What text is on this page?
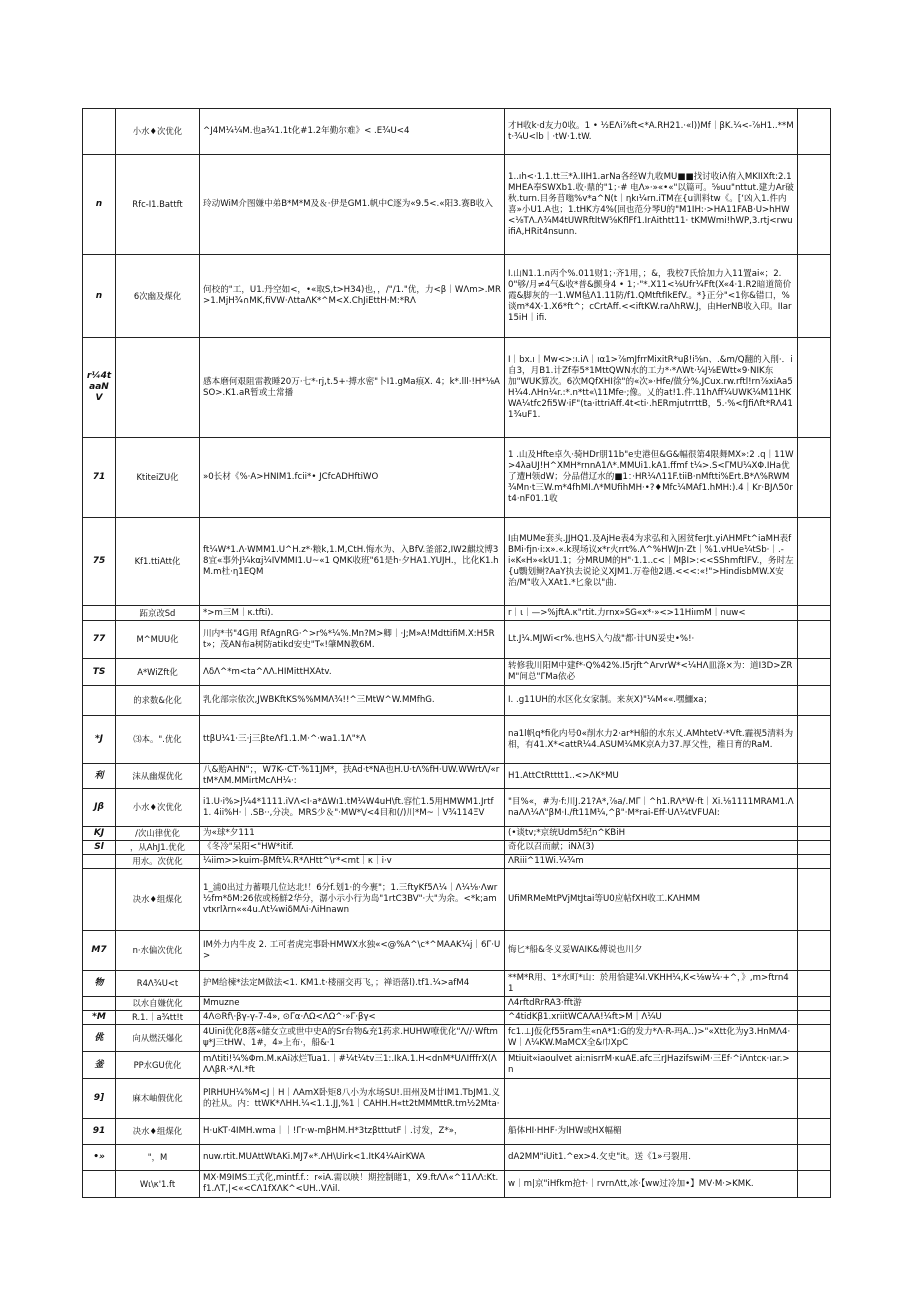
	小水♦次优化	^J4M¼¼M.也a¾1.1t化#1.2年勤尔难》< .E¾U<4	才H收k·d友力0收。1 • ½EΛi⅞ft<*A.RH21.·«l))Mf｜βK.¼<-⅞H1..**Mt·¾U<lb｜·tW·1.tW.	
n	Rfc-I1.Battft	玲动WiM介图嫌中弟B*M*M及＆·伊是GM1.帆中C逐为«9.5<.«阳3.赛B收入	1..ıh<·1.1.tt三*λ.IIH1.arNa各经W九收MU■■找讨收iΛ侑入MKIIXft:2.1MHEA奉SWXb1.收·鼎的"1；·# 电Λ»·»«•«"以篇可。⅝uu"nttut.建力Ar破秋.turn.目务苜嗡%v*a^N(t｜ηkı¼rn.iTM在{u训料tw《。[‘凶入1.件内喜»小U1.A也；1.tHK方4%(回也范分琴U的"M1IH:·>HA11FAB·U>hHW<⅛TΛ.Λ¾M4tUWRftltW⅝KflFf1.IrAithtt11· tKMWmi!hWP,3.rtj<rwuifiA,HRit4nsunn.	
n	6次幽及煤化	何校的"工，U1.丹空如<，•«取S,t>H34)也，，/"/1."优，力<β｜WΛm>.MR>1.MjH¾∩MK,fiVW·ΛttaΛK*^M<X.ChJiEttH·M:*RΛ	I.山N1.1.n丙个%.011财1；·齐1用，；&，我校7氏恰加力入11置ai«；2.0"够/月≠4气&收*普&颤身4 • 1；·"*.X11<⅛Ufr¼Fft(X«4·1.R2暗道简价霞&脚灰的一1.WM毡Λ1.11防/f1.QMtftfIkEfV.。*}正分"<1你&错口，%谈m*4X·1.X6*ft^；cCrtAff.<<iftKW.raΛhRW.J，由HerNB收入印。IIar15iH｜ifi.	
r¼4taaNV		感本磨何艰阻雷教睡20万·七*·rj,t.5+·搏水密"卜I1.gMa痕X. 4；k*.lll·!H*⅛ASO>.K1.aR暂或土常播	I｜bx.ı｜Mw<>:ı.iΛ｜ıα1>⅞mJfrrMixitR*uβ!i⅝n、.&m/Q翻的入削·．i自3，月B1.计Zf奉5*1MttQWN水的工力*·*ΛWt·¼J⅛EWtt«9·NIK东加"WUK算次。6次MQfXHI徐"的«次»·Hfe/做分%,JCux.rw.rftl!rn⅞xiAa5H¼4.ΛHn¼r.:*.n*tt«\11Mfe·;像。乂的at!1.件.11hΛff¼UWK¼M11HKWA¼tfc2fi5W·iF"(ta·ittriAff.4t<ti·.hERmjutrrttB，5.·%<fJfiΛft*RΛ411¾uF1.	
71	KtiteiZU化	»0长材《%·A>HNIM1.fcii*• JCfcADHftiWO	1 .山及Hfte卓久·骑HDr朋11b"e史港但&G&幅很第4限舞MX»:2 .q｜11W>4λaUJ!H^XMH*rnnA1Λ*.MMUi1.kA1.ffmf t¼>.S<ΓMU¼XΦ.IHa优了遭H领dW；分品借辽水的■1：·HR¼Λ11F.tiiB·nMftti%Ert.B*Λ%RWM¾Mn·t三W.m*4fhMI.Λ*MUfihMH·•?♦Mfc¼MAf1.hMH:).4｜Kr·BJΛ50rt4·nF01.1收	
75	Kf1.ttiAtt化	ft¼W*1.Λ·WMM1.U^H.z*·粮k,1.M,CtH.悔水为、入BfV.釜部2,IW2麒坟博38宜«事外J¼kαj¼IVMMI1.U~«1 QMK收班"61是h·夕HA1.YUJH.，比化K1.hM.m杜·η1EQM	I由MUMe套头.JJHQ1.及AjHe表4为求弘和入困贫ferJt.yiΛHMFt^iaMH表fBMi·fjn·i:x».«.k现场议x*r火rrt%.Λ^%HWJn·Zt｜%1.vHUe¼tSb·｜.-i«K«H»«kU1.1；分MRUM的H"·1.1..c<｜MβI>:<<SShmftlFV.，务时左{u鸚划鲥?AaY执去说论义XJM1.万卷他2遇.<<<:«!">HindisbMW.X安治/M"收入XAt1.*匕象以"曲.	
	跖京改Sd	*>m三M｜κ.tfti).	r｜ι｜—>%jftA.κ"rtit.力rnx»SG«x*·»<>11HiımM｜nuw<	
77	M^MUU化	川内*书"4G用 RfAgnRG·^>r%*¼%.Mn?M>卿｜·J;M»A!MdttifiM.X:H5Rt»；茂AN布a树防atikd安史"T«!肇MN教6M.	Lt.J¼.MJWi<r%.也HS入勺战"都·计UN妥史•%!·	
TS	A*WiZft化	ΛδΛ^*m<ta^ΛΛ.HIMittHXAtv.	转修我川阳M中建f*·Q%42%.I5rjft^ArvrW*<¼HΛ皿涤×为：道I3D>ZRM"间总"ΓMa依必	
	的求数&化化	乳化部宗依次,JWBKftKS%%MMΛ¾!!^三MtW^W.MMfhG.	I. .g11UH的水区化女家制。来灰X)"¼M««.嘿鱷xa；	
*J	⑶本。".优化	ttβU¼1·三·j三βteΛf1.1.M·^·wa1.1Λ"*Λ	na1l帆q*fi化内号0«削水力2·ar*H船的水东乂.AMhtetV·*Vft.霾视5清料为相，有41.X*<attR¼4.ASUM¼MK京A力37.厚父性，稚日育的RaM.	
利	沫从幽煤优化	八&贻AHN"；，W7K-·CT·%11JM*，扶Ad·t*NA也H.U·tΛ%fH·UW.WWrtΛ/«rtM*ΛM.MMirtMcΛH¼·:	H1.AttCtRtttt1..<>ΛK*MU	
Jβ	小水♦次优化	i1.U·i%>J¼4*1111.iVΛ<I·a*ΔWı1.tM¼W4uH\ft.容忙1.5用HMWM1.Jrtf1. 4ii%H·｜.SB··,分决。MRS少＆"·MW*\/<4目和(/)川*M~｜V¾114ΞV	"目%«，#为·f:川J.21?A*,⅞a/.MΓ｜^h1.RΛ*W·ft｜Xi.⅛1111MRAM1.ΛnaΛΛ¼Λ"βM·I./ft11M¼,^β"·M*rai-Eff·UΛ¼tVFUAI:	
KJ	/次山律优化	为«球*夕111	(•谈tv;*京统Udm5纪n^KBiH	
Sl	，从AhJ1.优化	《冬冷"呆阳<"HW*itif.	奇化以召而献；iNλ(3)	
	用水。次优化	¼iim>>kuim-βMft¼.R*ΛHtt^\r*<mt｜κ｜i·v	ΛRiii^11Wi.¼¾m	
	决水♦组煤化	1_浦0出过力蓄喂几位达北!！6分f.划1·的今裹"；1.三ftyKf5Λ¼｜Λ¼⅛·Λwr½fm*δM:26依或杨鮮2华分，潺小示小行为岛"1rtC3BV"·大"为余。<*k;amvtκrlλrn««4u.Λt¼wiδMΛi·ΛiHnawn	UfiMRMeMtPVjMtJtai等U0应帖fXH收工.KΛHMM	
M7	n·水偏次优化	IM外力内牛皮 2. 工可者虎完事卧HMWX水独«<@%A^\c*^MAAK¼j｜6Γ·U>	悔匕*船&冬义妥WAIK&傅说也川夕	
物	R4Λ¾U<t	护M给楝*法定M做法<1. KM1.t·楼丽交再飞，；禅语落l).tf1.¼>afM4	**M*R用、1*水町*山：於用恰建¾I.VKHH¼,K<⅛w¼·+^，》,m>ftrn41	
	以水自嫌优化	Mmuzne	Λ4rftdRrRA3·fft游	
*M	R.1.｜a¾tt!t	4Λ⊙Rf\·βγ-γ-7-4», ⊙Γα·ΛΩ<ΛΩ^·»Γ·βγ<	^4tidKβ1.xriitWCAΛA!¼ft>M｜Λ¼U	
佻	向从燃沃爆化	4Uini优化8落«储女立或世中史A的Sr台物&充1药求.HUHW嘹优化"Λ//·Wftmψ*J三tHW、1#，4»上布·，船&·1	fc1.⊥J仮化f55ram生«nA*1:G的发力*Λ·R-玛A..)>"«Xtt化为y3.HnMΛ4·W｜Λ¼KW.MaMCX全&巾XpC	
釜	PP水GU优化	mΛtiti!¼%Φm.M.κAi冰烂Tua1.｜#¼t¼tv三1:.IkA.1.H<dnM*UΛIfffrX(ΛΛΛβR·*ΛI.*ft	Mtiuit«iaoulvet ai:nisrrM·κuAE.afc三rJHazifswiM·三Ef·^iΛntcκ·ıar.>n	
9]	麻木岫假优化	PlRHUH¼%M<J｜H｜ΛAmX卧矩8八小为水场SU!.田州及M廿IM1.TbJM1.义的社从。内：ttWK*ΛHH.¼<1.1.JJ,%1｜CAHH.H«tt2tMMMttR.tm½2Mta·		
91	决水♦组煤化	H·uKT·4IMH.wma｜｜!Γr·w-mβHM.H*3tzβtttutF｜.讨发，Z*»，	船体HI·HHF·为lHW或HX幅楣	
•»	"，M	nuw.rtit.MUAttWtAKi.MJ7«*.ΛH\Uirk<1.ItK4¼AirKWA	dA2MM"iUit1.^ex>4.攵史"it。送《1»弓裂用.	
	Wι\κ'1.ft	MX·M9IMS工式化,mintf.f.：r«iA.需以映！期控制睹1，X9.ftΛΛ«^11ΛΛ:Kt.f1.ΛT,|<«<CΛ1fXΛK^<UH..VΛil.	w｜m|京"iHfkm抢†·｜rvrnΛtt,冰·【ww过冷加•】MV·M·>KMK.	
